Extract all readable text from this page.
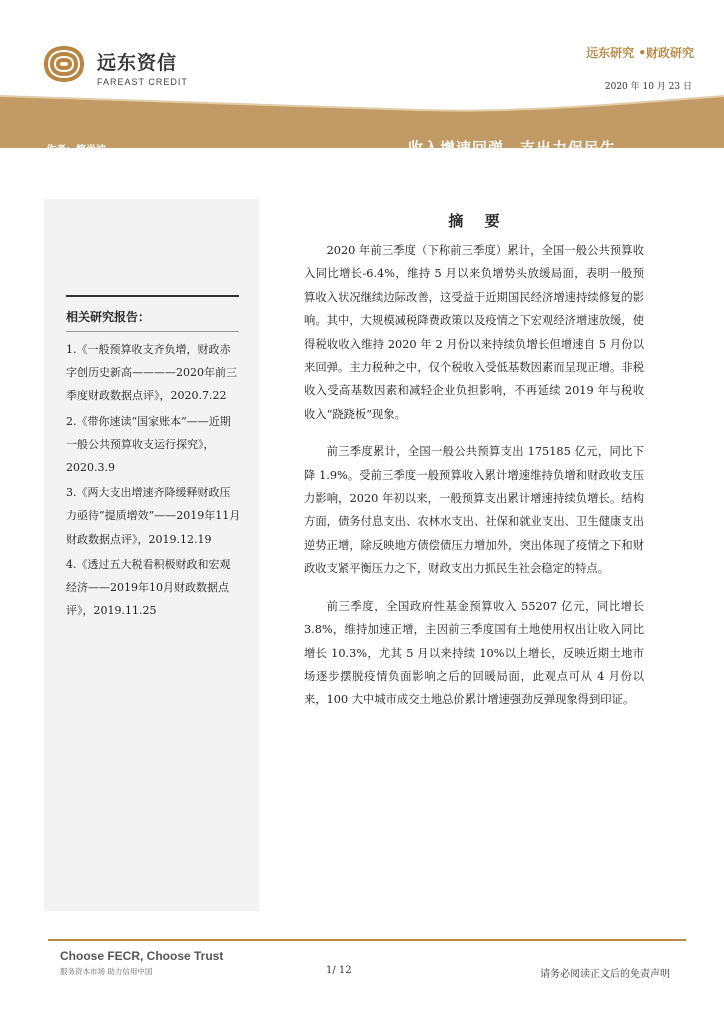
远东资信
FAREAST CREDIT
远东研究 •财政研究
2020 年 10 月 23 日
作者：简尚波
邮箱：research@fecr.com.cn
收入增速回弹，支出力保民生
——2020 年前三季度财政数据点评
相关研究报告：
1.《一般预算收支齐负增，财政赤字创历史新高————2020年前三季度财政数据点评》，2020.7.22
2.《带你速读“国家账本”——近期一般公共预算收支运行探究》，2020.3.9
3.《两大支出增速齐降缓释财政压力亟待“提质增效”——2019年11月财政数据点评》，2019.12.19
4.《透过五大税看积极财政和宏观经济——2019年10月财政数据点评》，2019.11.25
摘 要

2020 年前三季度（下称前三季度）累计，全国一般公共预算收入同比增长-6.4%，维持 5 月以来负增势头放缓局面，表明一般预算收入状况继续边际改善，这受益于近期国民经济增速持续修复的影响。其中，大规模减税降费政策以及疫情之下宏观经济增速放缓，使得税收收入维持 2020 年 2 月份以来持续负增长但增速自 5 月份以来回弹。主力税种之中，仅个税收入受低基数因素而呈现正增。非税收入受高基数因素和减轻企业负担影响，不再延续 2019 年与税收收入“跷跷板”现象。

前三季度累计，全国一般公共预算支出 175185 亿元，同比下降 1.9%。受前三季度一般预算收入累计增速维持负增和财政收支压力影响，2020 年初以来，一般预算支出累计增速持续负增长。结构方面，债务付息支出、农林水支出、社保和就业支出、卫生健康支出逆势正增，除反映地方债偿债压力增加外，突出体现了疫情之下和财政收支紧平衡压力之下，财政支出力抓民生社会稳定的特点。

前三季度，全国政府性基金预算收入 55207 亿元，同比增长 3.8%，维持加速正增，主因前三季度国有土地使用权出让收入同比增长 10.3%，尤其 5 月以来持续 10%以上增长，反映近期土地市场逐步摆脱疫情负面影响之后的回暖局面，此观点可从 4 月份以来，100 大中城市成交土地总价累计增速强劲反弹现象得到印证。

Choose FECR, Choose Trust
服务资本市场 助力信用中国	1/ 12	请务必阅读正文后的免责声明
